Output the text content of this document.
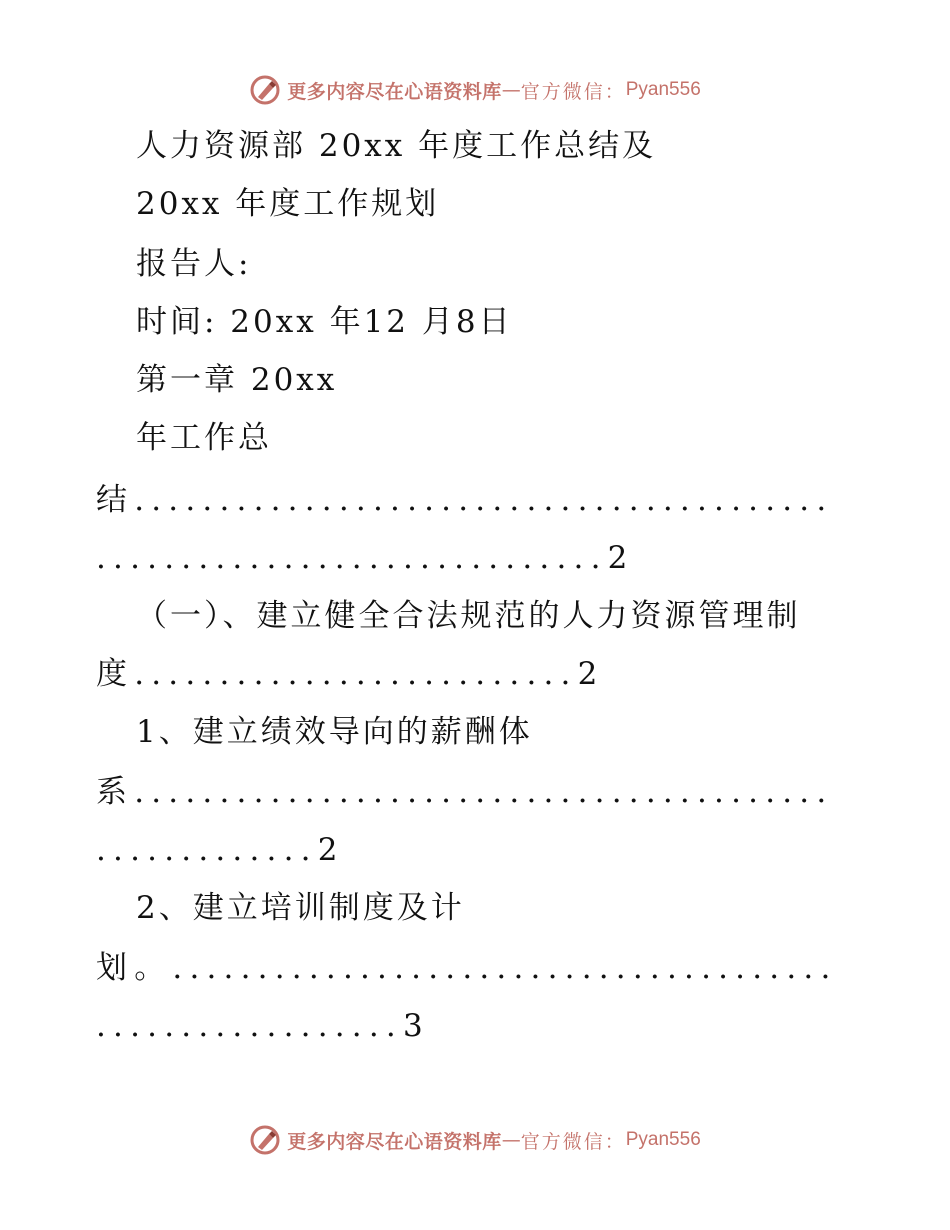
更多内容尽在心语资料库 — 官方微信： Pyan556
人力资源部 20xx 年度工作总结及
20xx 年度工作规划
报告人:
时间: 20xx 年12 月8日
第一章 20xx
年工作总
结.........................................
..............................2
（一）、建立健全合法规范的人力资源管理制
度..........................2
1、建立绩效导向的薪酬体
系.........................................
.............2
2、建立培训制度及计
划。.......................................
..................3
更多内容尽在心语资料库 — 官方微信： Pyan556
